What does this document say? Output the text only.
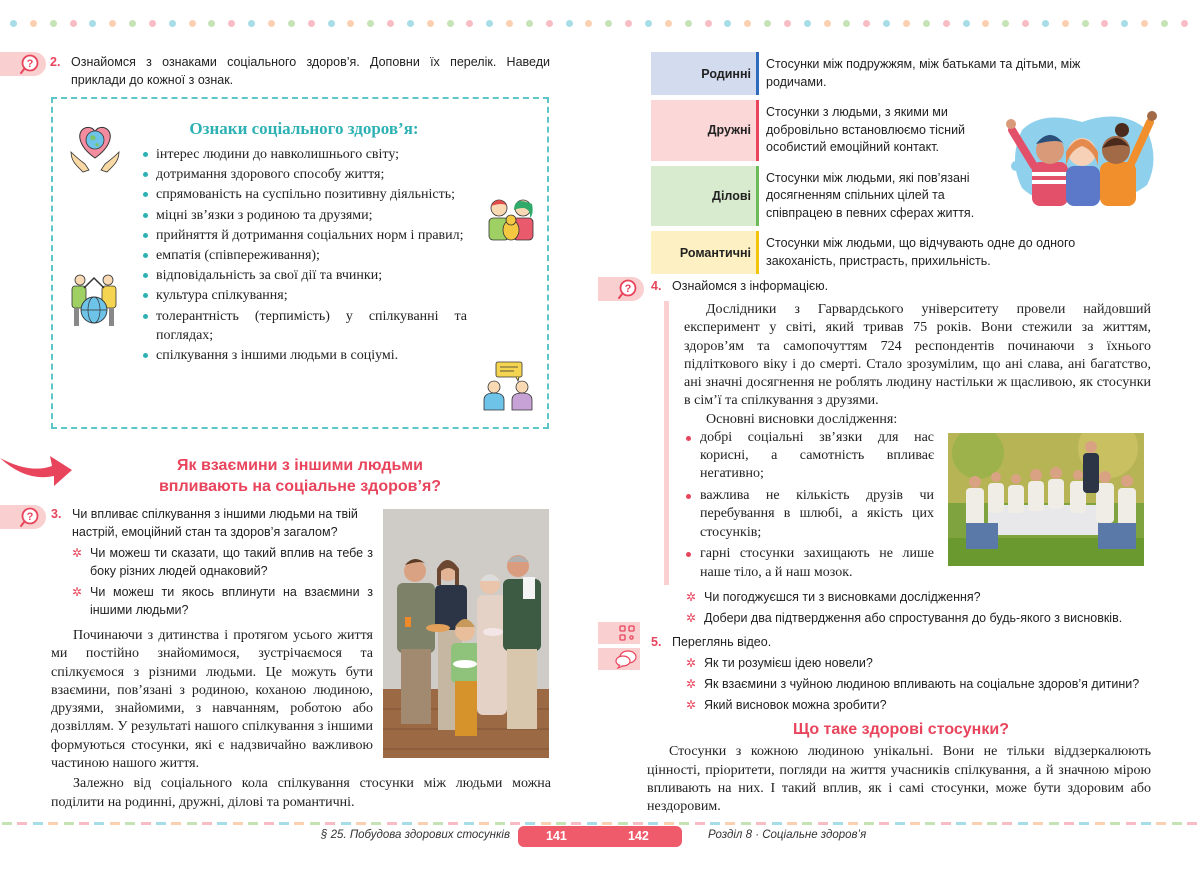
? 2. Ознайомся з ознаками соціального здоров’я. Доповни їх перелік. Наведи приклади до кожної з ознак.
Ознаки соціального здоров’я:
інтерес людини до навколишнього світу;
дотримання здорового способу життя;
спрямованість на суспільно позитивну діяльність;
міцні зв’язки з родиною та друзями;
прийняття й дотримання соціальних норм і правил;
емпатія (співпереживання);
відповідальність за свої дії та вчинки;
культура спілкування;
толерантність (терпимість) у спілкуванні та поглядах;
спілкування з іншими людьми в соціумі.
Як взаємини з іншими людьми
впливають на соціальне здоров’я?
? 3. Чи впливає спілкування з іншими людьми на твій настрій, емоційний стан та здоров’я загалом?
✲ Чи можеш ти сказати, що такий вплив на тебе з боку різних людей однаковий?
✲ Чи можеш ти якось вплинути на взаємини з іншими людьми?

Починаючи з дитинства і протягом усього життя ми постійно знайомимося, зустрічаємося та спілкуємося з різними людьми. Це можуть бути взаємини, пов’язані з родиною, коханою людиною, друзями, знайомими, з навчанням, роботою або дозвіллям. У результаті нашого спілкування з іншими формуються стосунки, які є надзвичайно важливою частиною нашого життя.

Залежно від соціального кола спілкування стосунки між людьми можна поділити на родинні, дружні, ділові та романтичні.

Родинні
Стосунки між подружжям, між батьками та дітьми, між родичами.
Дружні
Стосунки з людьми, з якими ми добровільно встановлюємо тісний особистий емоційний контакт.
Ділові
Стосунки між людьми, які пов’язані досягненням спільних цілей та співпрацею в певних сферах життя.
Романтичні
Стосунки між людьми, що відчувають одне до одного закоханість, пристрасть, прихильність.
? 4. Ознайомся з інформацією.

Дослідники з Гарвардського університету провели найдовший експеримент у світі, який тривав 75 років. Вони стежили за життям, здоров’ям та самопочуттям 724 респондентів починаючи з їхнього підліткового віку і до смерті. Стало зрозумілим, що ані слава, ані багатство, ані значні досягнення не роблять людину настільки ж щасливою, як стосунки в сім’ї та спілкування з друзями.

Основні висновки дослідження:

добрі соціальні зв’язки для нас корисні, а самотність впливає негативно;
важлива не кількість друзів чи перебування в шлюбі, а якість цих стосунків;
гарні стосунки захищають не лише наше тіло, а й наш мозок.
✲ Чи погоджуєшся ти з висновками дослідження?
✲ Добери два підтвердження або спростування до будь-якого з висновків.
5. Переглянь відео.
✲ Як ти розумієш ідею новели?
✲ Як взаємини з чуйною людиною впливають на соціальне здоров’я дитини?
✲ Який висновок можна зробити?
Що таке здорові стосунки?

Стосунки з кожною людиною унікальні. Вони не тільки віддзеркалюють цінності, пріоритети, погляди на життя учасників спілкування, а й значною мірою впливають на них. І такий вплив, як і самі стосунки, може бути здоровим або нездоровим.

§ 25. Побудова здорових стосунків	141	142	Розділ 8 · Соціальне здоров’я
